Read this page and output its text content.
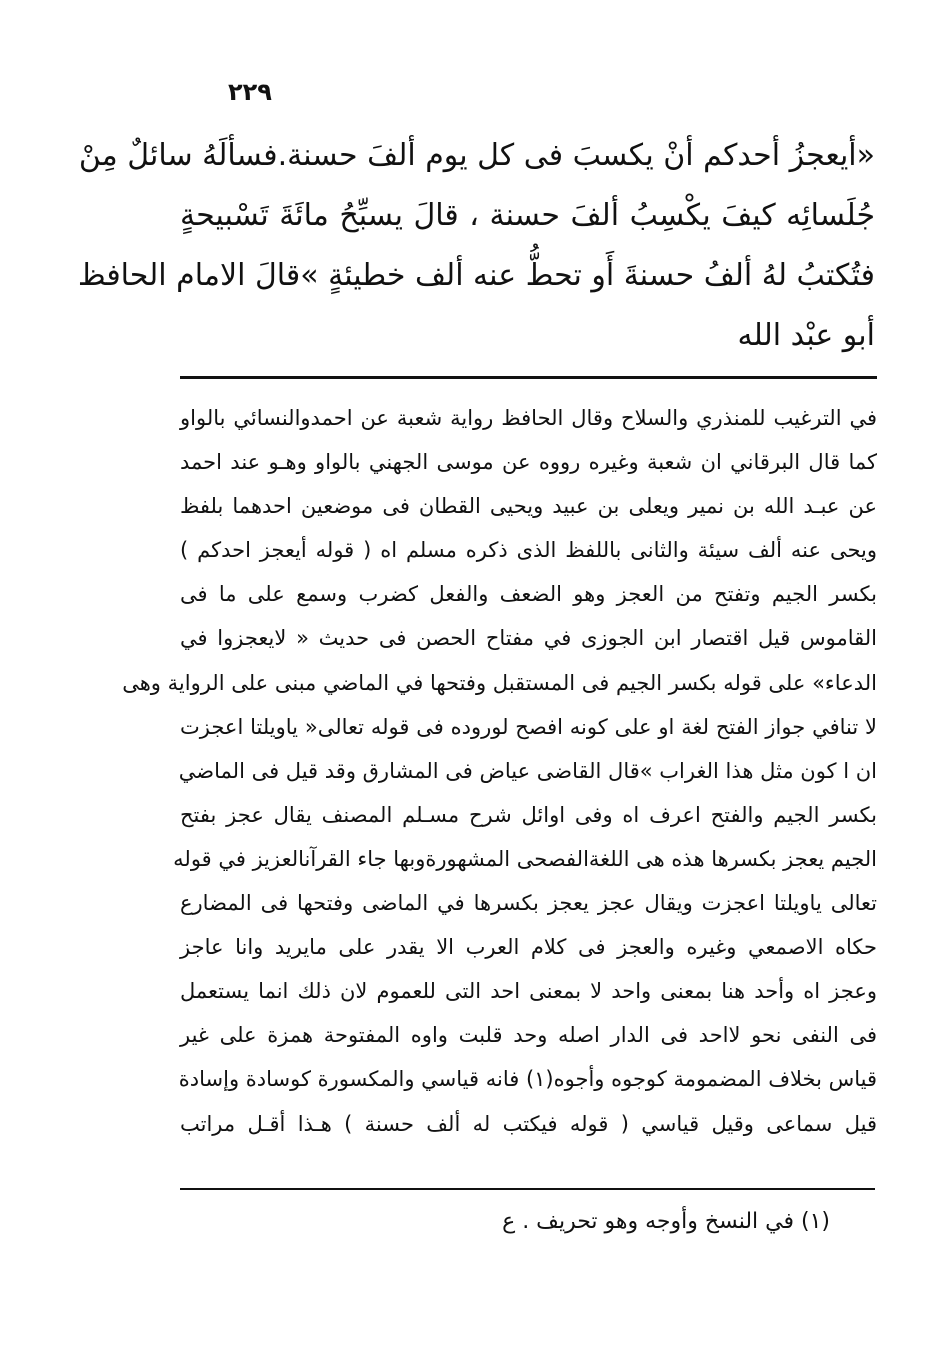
٢٢٩
«أيعجزُ أحدكم أنْ يكسبَ فى كل يوم ألفَ حسنة.فسألَهُ سائلٌ مِنْ
جُلَسائِه كيفَ يكْسِبُ ألفَ حسنة ، قالَ يسبِّحُ مائَةَ تَسْبيحةٍ
فتُكتبُ لهُ ألفُ حسنةَ أَو تحطُّ عنه ألف خطيئةٍ »قالَ الامام الحافظ
أبو عبْد الله
في الترغيب للمنذري والسلاح وقال الحافظ رواية شعبة عن احمدوالنسائي بالواو
كما قال البرقاني ان شعبة وغيره رووه عن موسى الجهني بالواو وهـو عند احمد
عن عبـد الله بن نمير ويعلى بن عبيد ويحيى القطان فى موضعين احدهما بلفظ
ويحى عنه ألف سيئة والثانى باللفظ الذى ذكره مسلم اه ( قوله أيعجز احدكم )
بكسر الجيم وتفتح من العجز وهو الضعف والفعل كضرب وسمع على ما فى
القاموس قيل اقتصار ابن الجوزى في مفتاح الحصن فى حديث « لايعجزوا في
الدعاء» على قوله بكسر الجيم فى المستقبل وفتحها في الماضي مبنى على الرواية وهى
لا تنافي جواز الفتح لغة او على كونه افصح لوروده فى قوله تعالى« ياويلتا اعجزت
ان ا كون مثل هذا الغراب »قال القاضى عياض فى المشارق وقد قيل فى الماضي
بكسر الجيم والفتح اعرف اه وفى اوائل شرح مسـلم المصنف يقال عجز بفتح
الجيم يعجز بكسرها هذه هى اللغةالفصحى المشهورةوبها جاء القرآنالعزيز في قوله
تعالى ياويلتا اعجزت ويقال عجز يعجز بكسرها في الماضى وفتحها فى المضارع
حكاه الاصمعي وغيره والعجز فى كلام العرب الا يقدر على مايريد وانا عاجز
وعجز اه وأحد هنا بمعنى واحد لا بمعنى احد التى للعموم لان ذلك انما يستعمل
فى النفى نحو لااحد فى الدار اصله وحد قلبت واوه المفتوحة همزة على غير
قياس بخلاف المضمومة كوجوه وأجوه(١) فانه قياسي والمكسورة كوسادة وإسادة
قيل سماعى وقيل قياسي ( قوله فيكتب له ألف حسنة ) هـذا أقـل مراتب
(١) في النسخ وأوجه وهو تحريف . ع
